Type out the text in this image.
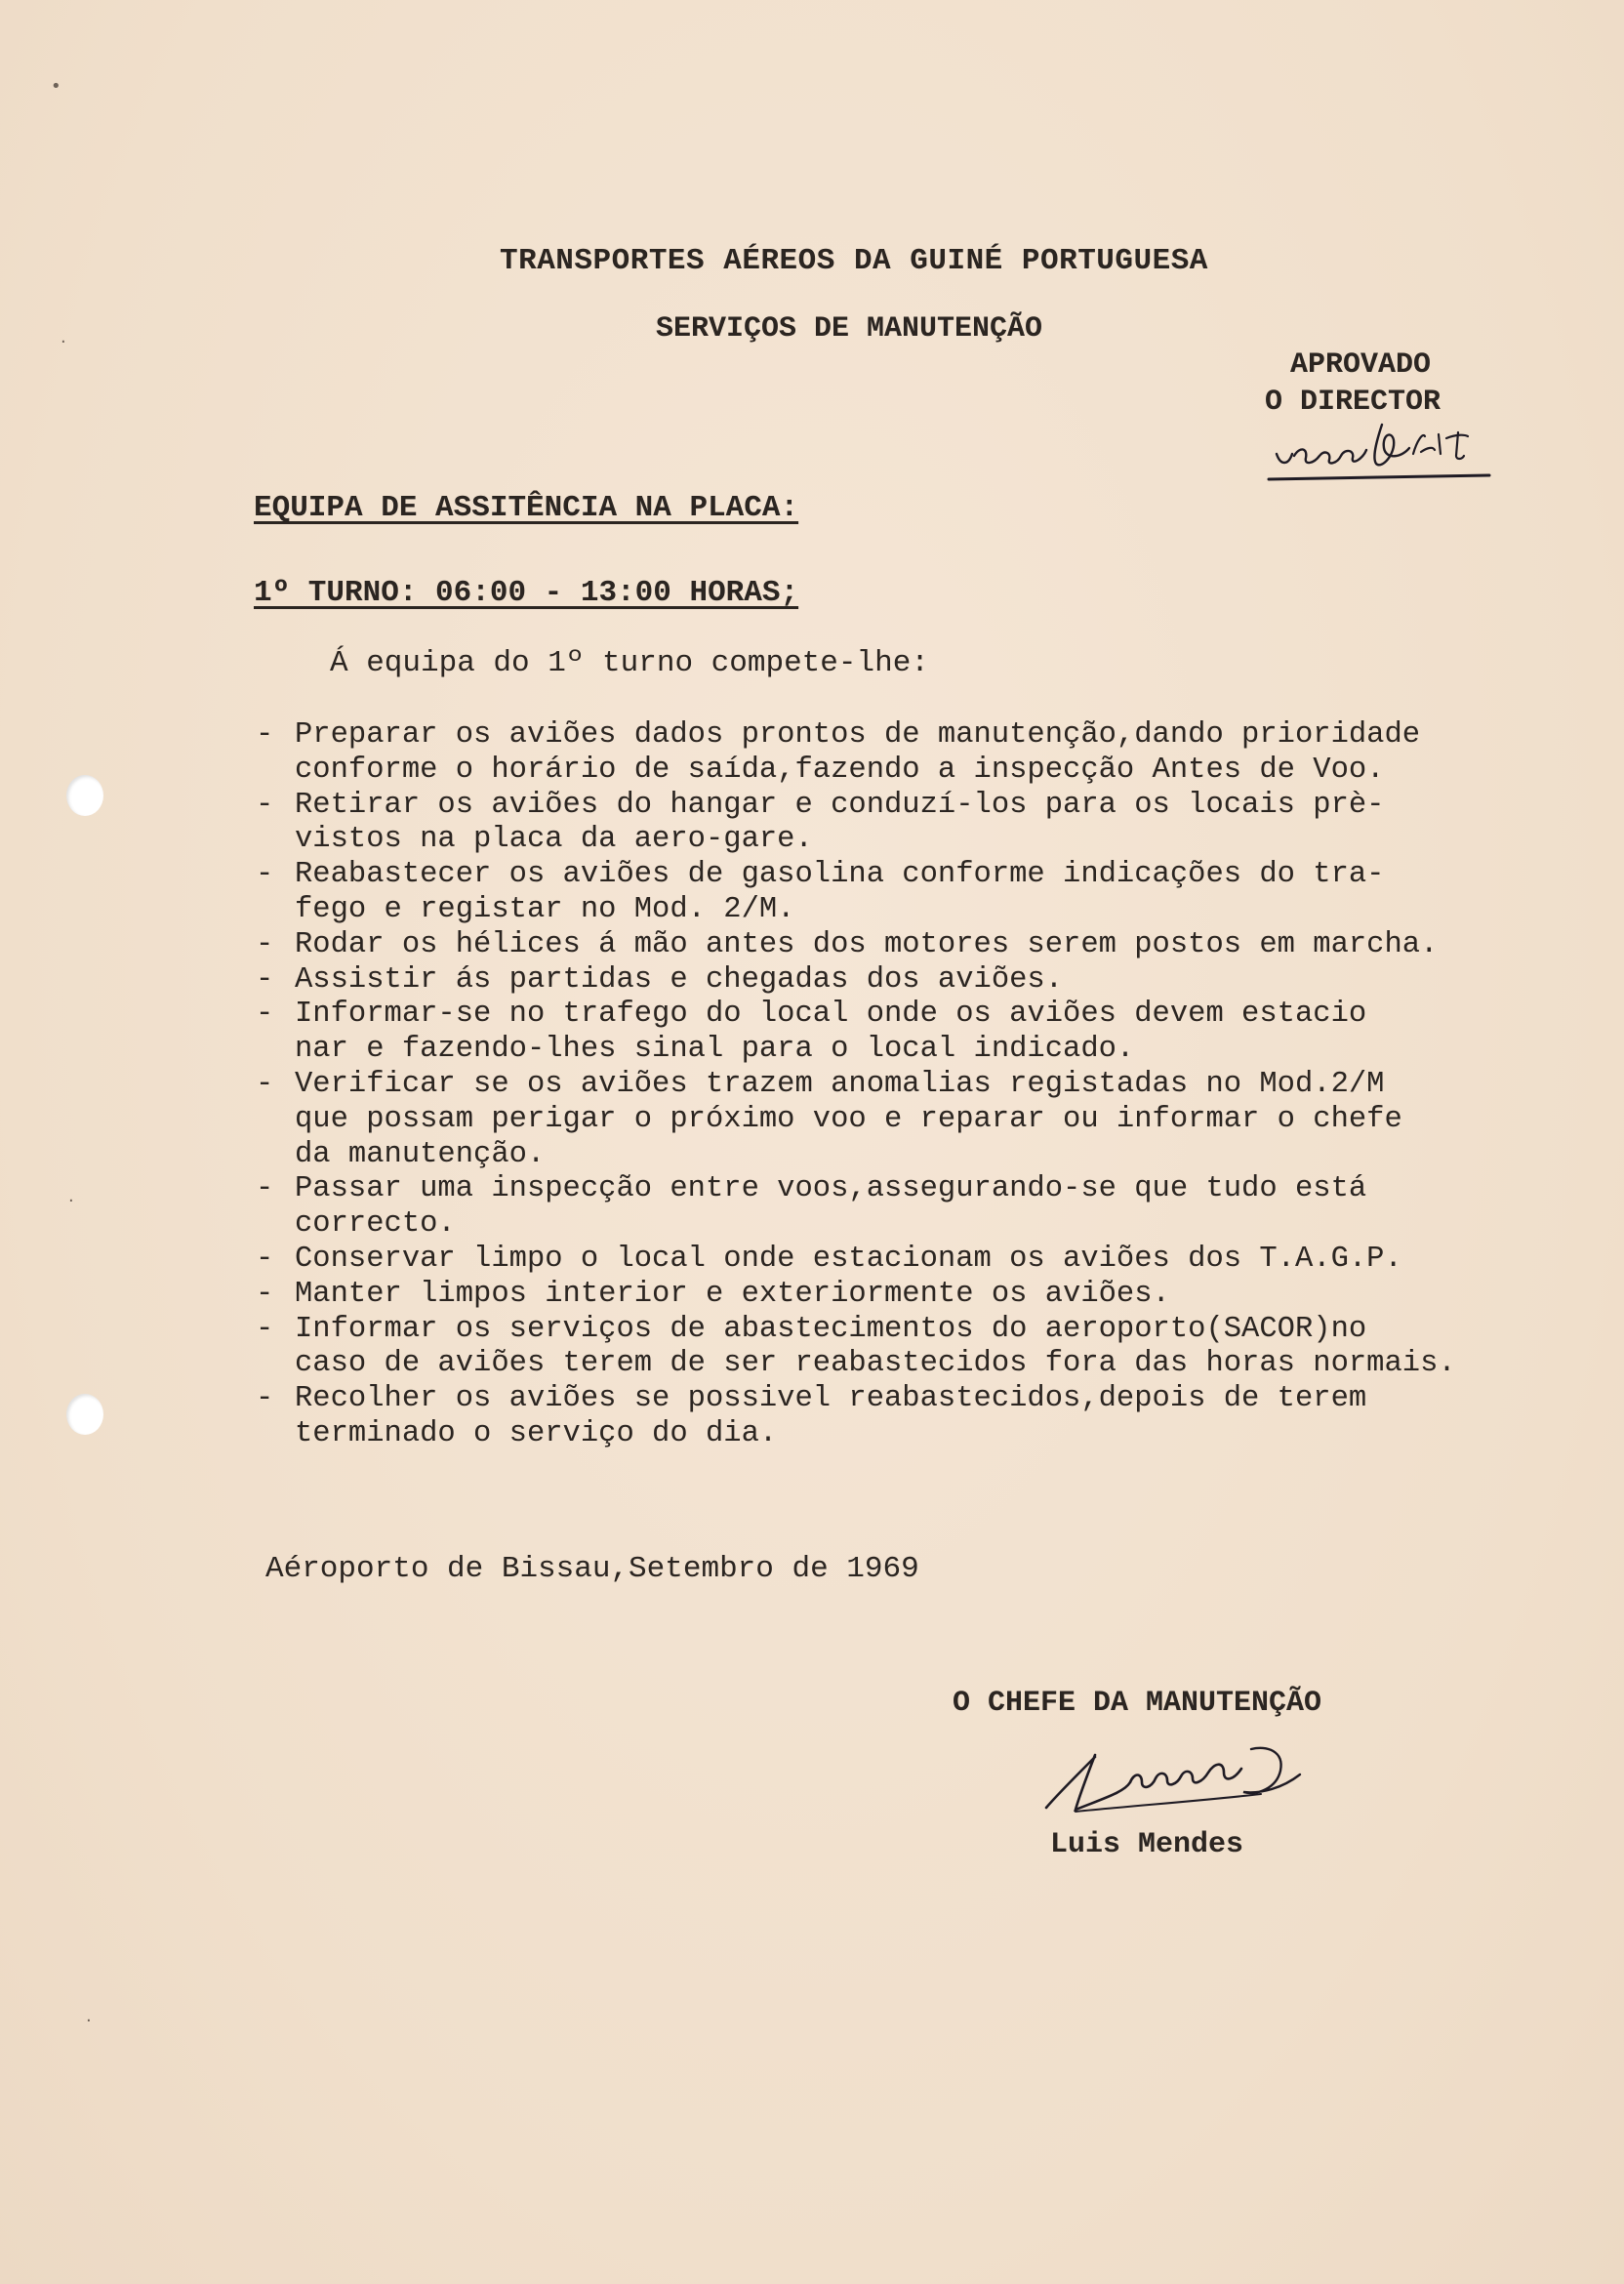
•
·
·
·
TRANSPORTES AÉREOS DA GUINÉ PORTUGUESA
SERVIÇOS DE MANUTENÇÃO
APROVADO
O DIRECTOR
EQUIPA DE ASSITÊNCIA NA PLACA:
1º TURNO: 06:00 - 13:00 HORAS;
Á equipa do 1º turno compete-lhe:
- Preparar os aviões dados prontos de manutenção,dando prioridade
conforme o horário de saída,fazendo a inspecção Antes de Voo.
- Retirar os aviões do hangar e conduzí-los para os locais prè-
vistos na placa da aero-gare.
- Reabastecer os aviões de gasolina conforme indicações do tra-
fego e registar no Mod. 2/M.
- Rodar os hélices á mão antes dos motores serem postos em marcha.
- Assistir ás partidas e chegadas dos aviões.
- Informar-se no trafego do local onde os aviões devem estacio
nar e fazendo-lhes sinal para o local indicado.
- Verificar se os aviões trazem anomalias registadas no Mod.2/M
que possam perigar o próximo voo e reparar ou informar o chefe
da manutenção.
- Passar uma inspecção entre voos,assegurando-se que tudo está
correcto.
- Conservar limpo o local onde estacionam os aviões dos T.A.G.P.
- Manter limpos interior e exteriormente os aviões.
- Informar os serviços de abastecimentos do aeroporto(SACOR)no
caso de aviões terem de ser reabastecidos fora das horas normais.
- Recolher os aviões se possivel reabastecidos,depois de terem
terminado o serviço do dia.
Aéroporto de Bissau,Setembro de 1969
O CHEFE DA MANUTENÇÃO
Luis Mendes
